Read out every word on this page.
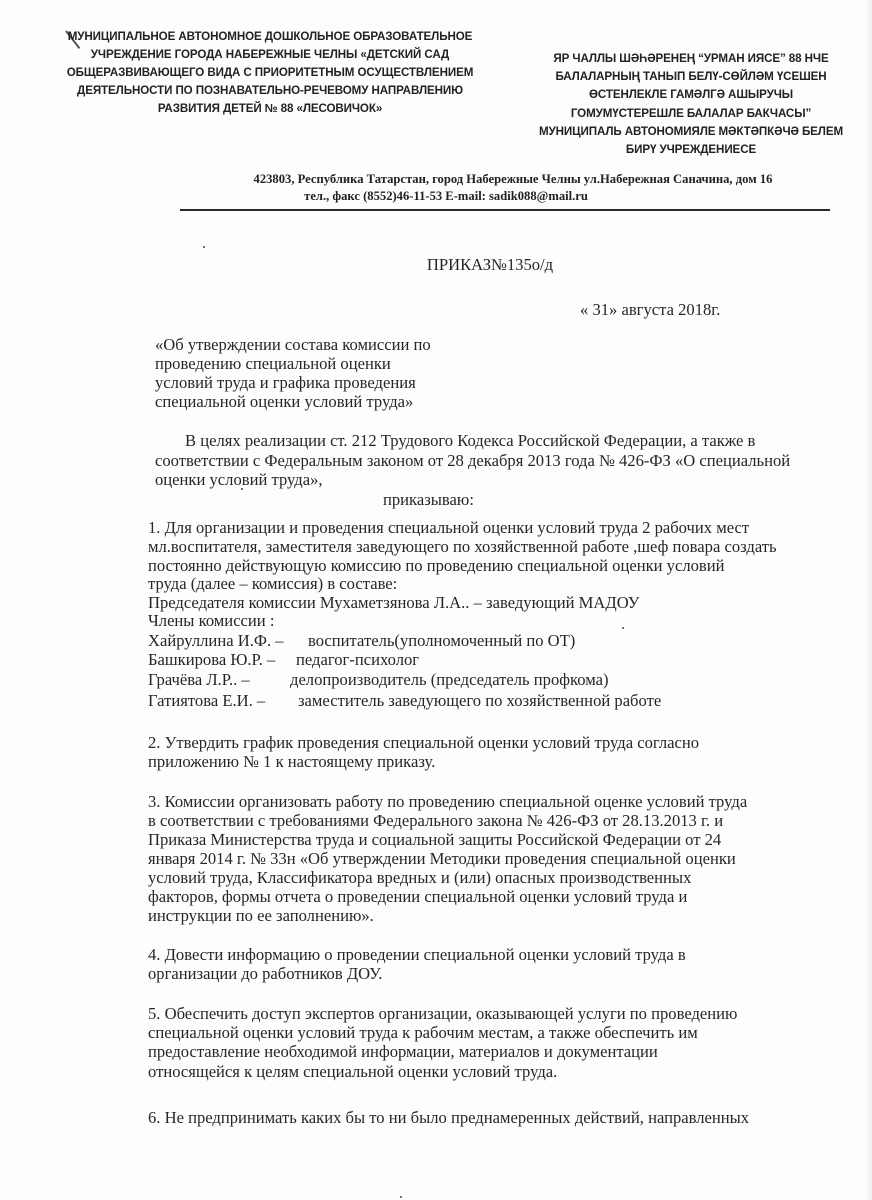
МУНИЦИПАЛЬНОЕ АВТОНОМНОЕ ДОШКОЛЬНОЕ ОБРАЗОВАТЕЛЬНОЕ
УЧРЕЖДЕНИЕ ГОРОДА НАБЕРЕЖНЫЕ ЧЕЛНЫ «ДЕТСКИЙ САД
ОБЩЕРАЗВИВАЮЩЕГО ВИДА С ПРИОРИТЕТНЫМ ОСУЩЕСТВЛЕНИЕМ
ДЕЯТЕЛЬНОСТИ ПО ПОЗНАВАТЕЛЬНО-РЕЧЕВОМУ НАПРАВЛЕНИЮ
РАЗВИТИЯ ДЕТЕЙ № 88 «ЛЕСОВИЧОК»
ЯР ЧАЛЛЫ ШӘҺӘРЕНЕҢ “УРМАН ИЯСЕ” 88 НЧЕ
БАЛАЛАРНЫҢ ТАНЫП БЕЛҮ-СӨЙЛӘМ ҮСЕШЕН
ӨСТЕНЛЕКЛЕ ГАМӘЛГӘ АШЫРУЧЫ
ГОМУМҮСТЕРЕШЛЕ БАЛАЛАР БАКЧАСЫ”
МУНИЦИПАЛЬ АВТОНОМИЯЛЕ МӘКТӘПКӘЧӘ БЕЛЕМ
БИРҮ УЧРЕЖДЕНИЕСЕ
423803, Республика Татарстан, город Набережные Челны ул.Набережная Саначина, дом 16
тел., факс (8552)46-11-53 E-mail: sadik088@mail.ru
ПРИКАЗ№135о/д
« 31» августа 2018г.
«Об утверждении состава комиссии по
проведению специальной оценки
условий труда и графика проведения
специальной оценки условий труда»
В целях реализации ст. 212 Трудового Кодекса Российской Федерации, а также в
соответствии с Федеральным законом от 28 декабря 2013 года № 426-ФЗ «О специальной
оценки условий труда»,
приказываю:
1. Для организации и проведения специальной оценки условий труда 2 рабочих мест
мл.воспитателя, заместителя заведующего по хозяйственной работе ,шеф повара создать
постоянно действующую комиссию по проведению специальной оценки условий
труда (далее – комиссия) в составе:
Председателя комиссии Мухаметзянова Л.А.. – заведующий МАДОУ
Члены комиссии :
Хайруллина И.Ф. – воспитатель(уполномоченный по ОТ)
Башкирова Ю.Р. – педагог-психолог
Грачёва Л.Р.. – делопроизводитель (председатель профкома)
Гатиятова Е.И. – заместитель заведующего по хозяйственной работе
2. Утвердить график проведения специальной оценки условий труда согласно
приложению № 1 к настоящему приказу.
3. Комиссии организовать работу по проведению специальной оценке условий труда
в соответствии с требованиями Федерального закона № 426-ФЗ от 28.13.2013 г. и
Приказа Министерства труда и социальной защиты Российской Федерации от 24
января 2014 г. № 33н «Об утверждении Методики проведения специальной оценки
условий труда, Классификатора вредных и (или) опасных производственных
факторов, формы отчета о проведении специальной оценки условий труда и
инструкции по ее заполнению».
4. Довести информацию о проведении специальной оценки условий труда в
организации до работников ДОУ.
5. Обеспечить доступ экспертов организации, оказывающей услуги по проведению
специальной оценки условий труда к рабочим местам, а также обеспечить им
предоставление необходимой информации, материалов и документации
относящейся к целям специальной оценки условий труда.
6. Не предпринимать каких бы то ни было преднамеренных действий, направленных
